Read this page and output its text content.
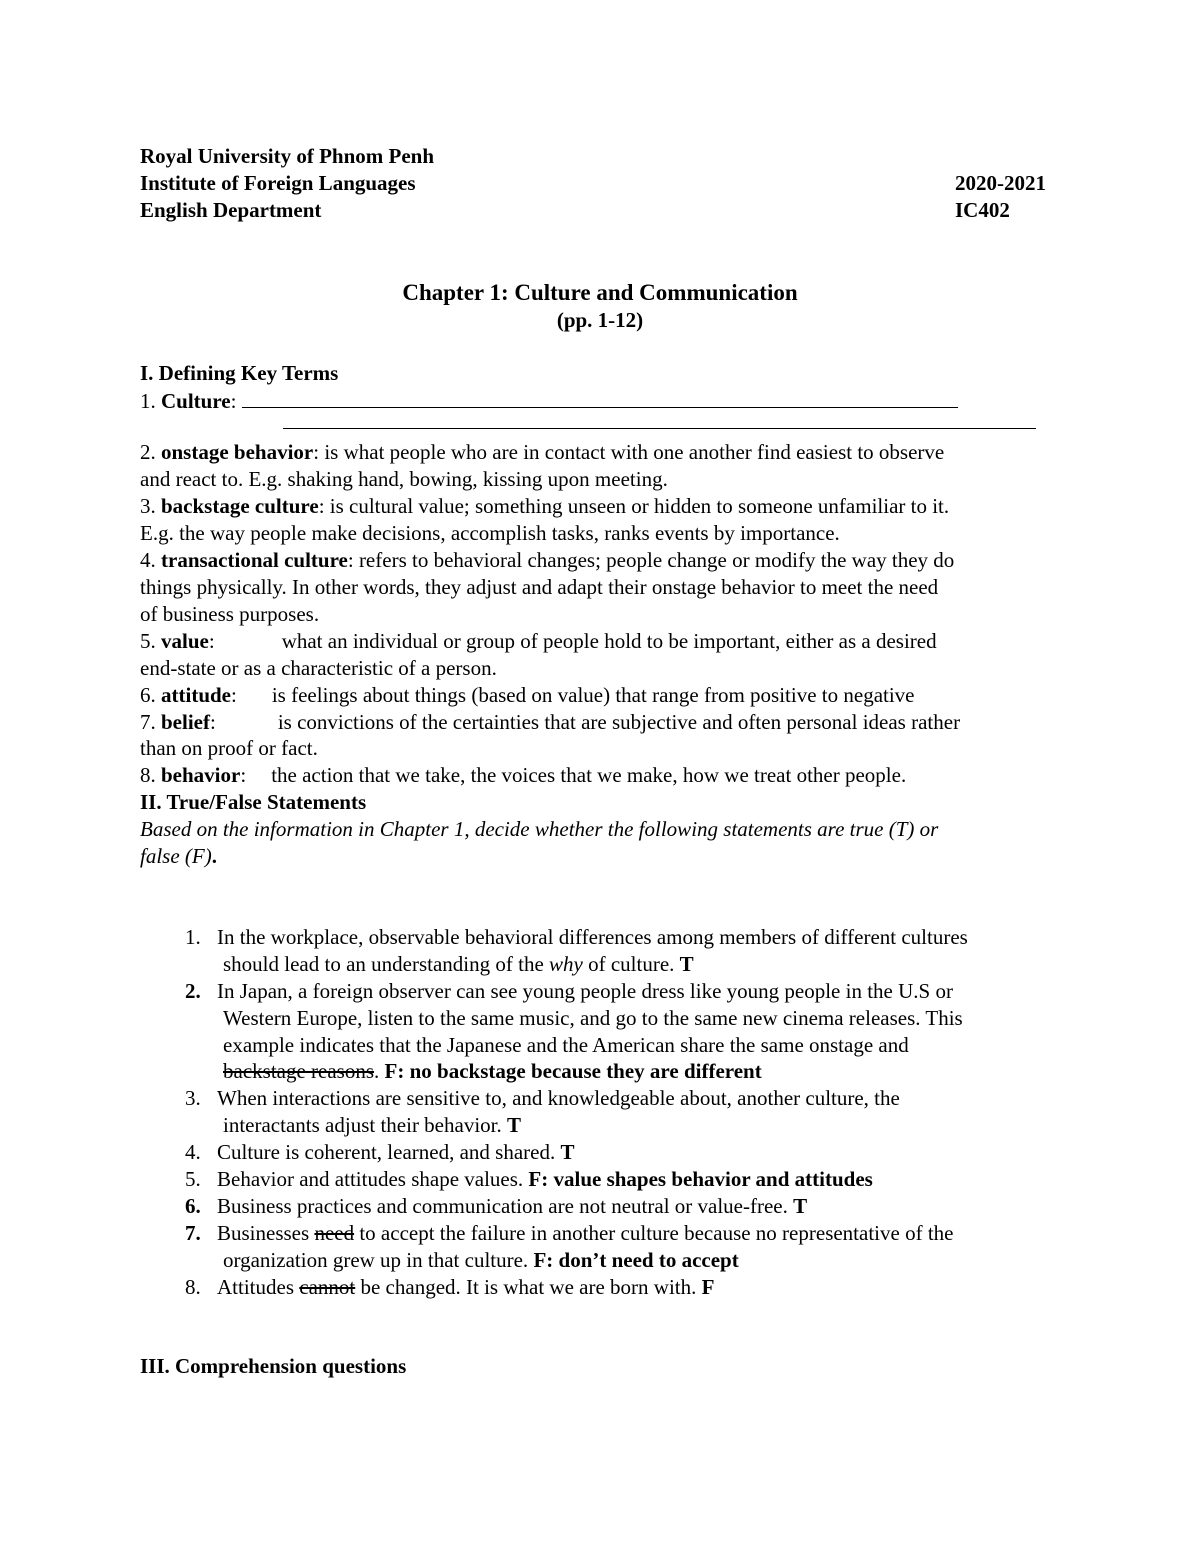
Royal University of Phnom Penh
Institute of Foreign Languages	2020-2021
English Department	IC402
Chapter 1: Culture and Communication
(pp. 1-12)
I. Defining Key Terms
1. Culture:
2. onstage behavior: is what people who are in contact with one another find easiest to observe
and react to. E.g. shaking hand, bowing, kissing upon meeting.
3. backstage culture: is cultural value; something unseen or hidden to someone unfamiliar to it.
E.g. the way people make decisions, accomplish tasks, ranks events by importance.
4. transactional culture: refers to behavioral changes; people change or modify the way they do
things physically. In other words, they adjust and adapt their onstage behavior to meet the need
of business purposes.
5. value:	what an individual or group of people hold to be important, either as a desired
end-state or as a characteristic of a person.
6. attitude: is feelings about things (based on value) that range from positive to negative
7. belief:	is convictions of the certainties that are subjective and often personal ideas rather
than on proof or fact.
8. behavior: the action that we take, the voices that we make, how we treat other people.
II. True/False Statements
Based on the information in Chapter 1, decide whether the following statements are true (T) or
false (F).
1. In the workplace, observable behavioral differences among members of different cultures
should lead to an understanding of the why of culture. T
2. In Japan, a foreign observer can see young people dress like young people in the U.S or
Western Europe, listen to the same music, and go to the same new cinema releases. This
example indicates that the Japanese and the American share the same onstage and
backstage reasons. F: no backstage because they are different
3. When interactions are sensitive to, and knowledgeable about, another culture, the
interactants adjust their behavior. T
4. Culture is coherent, learned, and shared. T
5. Behavior and attitudes shape values. F: value shapes behavior and attitudes
6. Business practices and communication are not neutral or value-free. T
7. Businesses need to accept the failure in another culture because no representative of the
organization grew up in that culture. F: don’t need to accept
8. Attitudes cannot be changed. It is what we are born with. F
III. Comprehension questions
